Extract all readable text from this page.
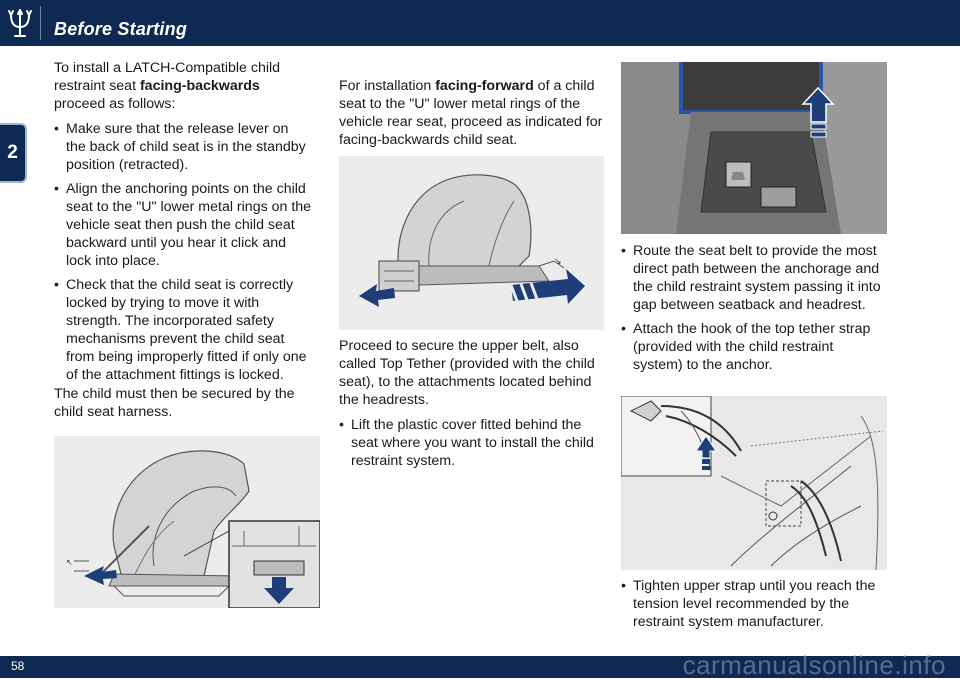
Before Starting
2

To install a LATCH-Compatible child restraint seat facing-backwards
proceed as follows:

• Make sure that the release lever on the back of child seat is in the standby position (retracted).
• Align the anchoring points on the child seat to the "U" lower metal rings on the vehicle seat then push the child seat backward until you hear it click and lock into place.
• Check that the child seat is correctly locked by trying to move it with strength. The incorporated safety mechanisms prevent the child seat from being improperly fitted if only one of the attachment fittings is locked.

The child must then be secured by the child seat harness.

↖

For installation facing-forward of a child seat to the "U" lower metal rings of the vehicle rear seat, proceed as indicated for facing-backwards child seat.

↘

Proceed to secure the upper belt, also called Top Tether (provided with the child seat), to the attachments located behind the headrests.

• Lift the plastic cover fitted behind the seat where you want to install the child restraint system.
• Route the seat belt to provide the most direct path between the anchorage and the child restraint system passing it into gap between seatback and headrest.
• Attach the hook of the top tether strap (provided with the child restraint system) to the anchor.
• Tighten upper strap until you reach the tension level recommended by the restraint system manufacturer.
58	carmanualsonline.info
